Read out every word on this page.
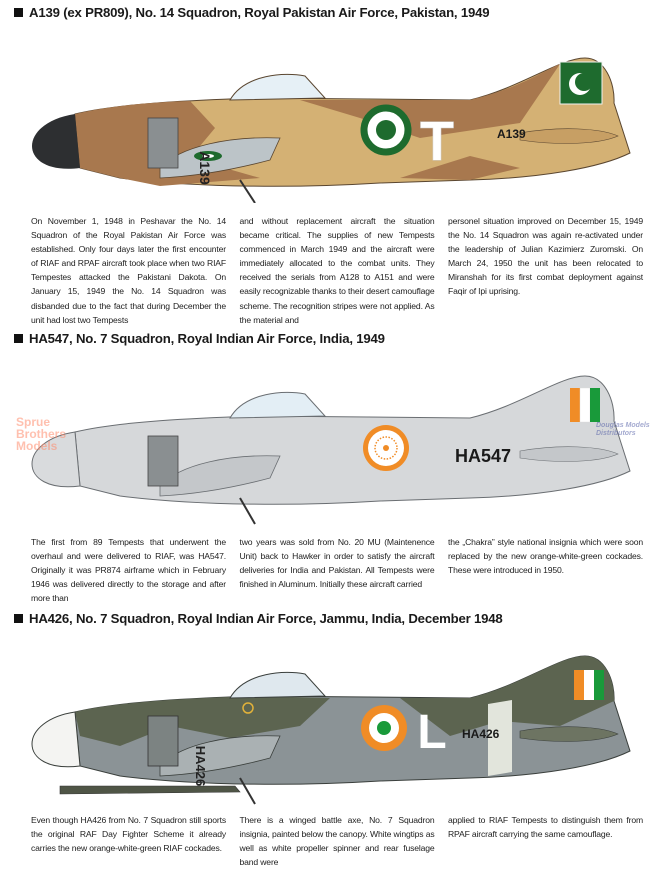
A139 (ex PR809), No. 14 Squadron, Royal Pakistan Air Force, Pakistan, 1949
T	A139
A139

On November 1, 1948 in Peshavar the No. 14 Squadron of the Royal Pakistan Air Force was established. Only four days later the first encounter of RIAF and RPAF aircraft took place when two RIAF Tempestes attacked the Pakistani Dakota. On January 15, 1949 the No. 14 Squadron was disbanded due to the fact that during December the unit had lost two Tempests

and without replacement aircraft the situation became critical. The supplies of new Tempests commenced in March 1949 and the aircraft were immediately allocated to the combat units. They received the serials from A128 to A151 and were easily recognizable thanks to their desert camouflage scheme. The recognition stripes were not applied. As the material and

personel situation improved on December 15, 1949 the No. 14 Squadron was again re-activated under the leadership of Julian Kazimierz Zuromski. On March 24, 1950 the unit has been relocated to Miranshah for its first combat deployment against Faqir of Ipi uprising.

HA547, No. 7 Squadron, Royal Indian Air Force, India, 1949
HA547
Sprue Brothers Models
Douglas Models Distributors

The first from 89 Tempests that underwent the overhaul and were delivered to RIAF, was HA547. Originally it was PR874 airframe which in February 1946 was delivered directly to the storage and after more than

two years was sold from No. 20 MU (Maintenence Unit) back to Hawker in order to satisfy the aircraft deliveries for India and Pakistan. All Tempests were finished in Aluminum. Initially these aircraft carried

the „Chakra” style national insignia which were soon replaced by the new orange-white-green cockades. These were introduced in 1950.

HA426, No. 7 Squadron, Royal Indian Air Force, Jammu, India, December 1948
L HA426
HA426

Even though HA426 from No. 7 Squadron still sports the original RAF Day Fighter Scheme it already carries the new orange-white-green RIAF cockades.

There is a winged battle axe, No. 7 Squadron insignia, painted below the canopy. White wingtips as well as white propeller spinner and rear fuselage band were

applied to RIAF Tempests to distinguish them from RPAF aircraft carrying the same camouflage.
